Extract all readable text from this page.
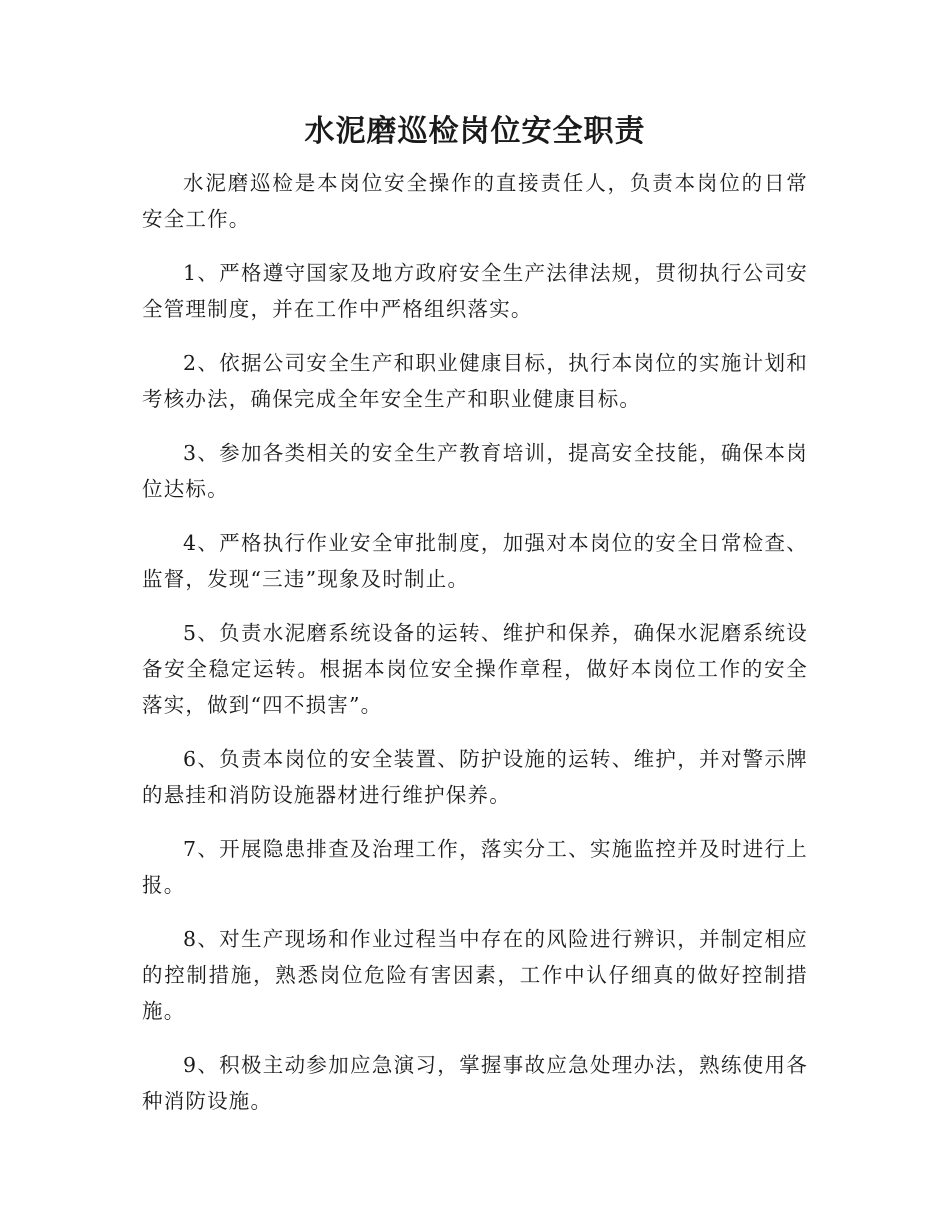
水泥磨巡检岗位安全职责

水泥磨巡检是本岗位安全操作的直接责任人，负责本岗位的日常安全工作。

1、严格遵守国家及地方政府安全生产法律法规，贯彻执行公司安全管理制度，并在工作中严格组织落实。

2、依据公司安全生产和职业健康目标，执行本岗位的实施计划和考核办法，确保完成全年安全生产和职业健康目标。

3、参加各类相关的安全生产教育培训，提高安全技能，确保本岗位达标。

4、严格执行作业安全审批制度，加强对本岗位的安全日常检查、监督，发现“三违”现象及时制止。

5、负责水泥磨系统设备的运转、维护和保养，确保水泥磨系统设备安全稳定运转。根据本岗位安全操作章程，做好本岗位工作的安全落实，做到“四不损害”。

6、负责本岗位的安全装置、防护设施的运转、维护，并对警示牌的悬挂和消防设施器材进行维护保养。

7、开展隐患排查及治理工作，落实分工、实施监控并及时进行上报。

8、对生产现场和作业过程当中存在的风险进行辨识，并制定相应的控制措施，熟悉岗位危险有害因素，工作中认仔细真的做好控制措施。

9、积极主动参加应急演习，掌握事故应急处理办法，熟练使用各种消防设施。
